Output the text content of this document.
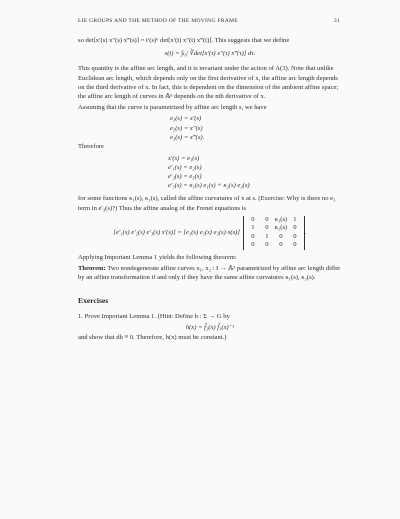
LIE GROUPS AND THE METHOD OF THE MOVING FRAME	31

so det[x′(s) x″(s) x‴(s)] = t′(s)⁶ det[x′(t) x″(t) x‴(t)]. This suggests that we define

s(t) = ∫ₜ₀ᵗ ∛det[x′(τ) x″(τ) x‴(τ)] dτ.

This quantity is the affine arc length, and it is invariant under the action of A(3). Note that unlike Euclidean arc length, which depends only on the first derivative of x, the affine arc length depends on the third derivative of x. In fact, this is dependent on the dimension of the ambient affine space; the affine arc length of curves in 𝔸ⁿ depends on the nth derivative of x.

Assuming that the curve is parametrized by affine arc length s, we have

e₁(s) = x′(s)
e₂(s) = x″(s)
e₃(s) = x‴(s).

Therefore

x′(s) = e₁(s)
e′₁(s) = e₂(s)
e′₂(s) = e₃(s)
e′₃(s) = κ₁(s) e₁(s) + κ₂(s) e₂(s)

for some functions κ₁(s), κ₂(s), called the affine curvatures of x at s. (Exercise: Why is there no e₃ term in e′₃(s)?) Thus the affine analog of the Frenet equations is

[e′₁(s) e′₂(s) e′₃(s) x′(s)] = [e₁(s) e₂(s) e₃(s) x(s)]
0	0 κ₁(s) 1
1	0 κ₂(s) 0
0	1	0	0
0	0	0	0
.

Applying Important Lemma 1 yields the following theorem:

Theorem: Two nondegenerate affine curves x₁, x₂ : I → 𝔸³ parametrized by affine arc length differ by an affine transformation if and only if they have the same affine curvatures κ₁(s), κ₂(s).

Exercises

1. Prove Important Lemma 1. (Hint: Define h : Σ → G by

h(x) = f̃₂(x) f̃₁(x)⁻¹

and show that dh ≡ 0. Therefore, h(x) must be constant.)
